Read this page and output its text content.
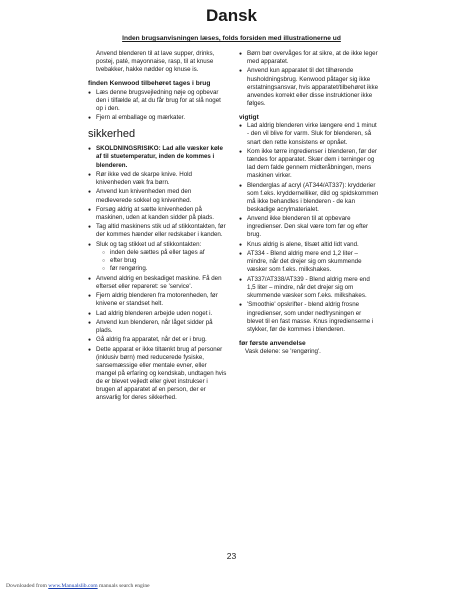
Dansk
Inden brugsanvisningen læses, folds forsiden med illustrationerne ud

Anvend blenderen til at lave supper, drinks, postej, paté, mayonnaise, rasp, til at knuse tvebakker, hakke nødder og knuse is.

finden Kenwood tilbehøret tages i brug

● Læs denne brugsvejledning nøje og opbevar den i tilfælde af, at du får brug for at slå noget op i den.
● Fjern al emballage og mærkater.

sikkerhed

● SKOLDNINGSRISIKO: Lad alle væsker køle af til stuetemperatur, inden de kommes i blenderen.
● Rør ikke ved de skarpe knive. Hold knivenheden væk fra børn.
● Anvend kun knivenheden med den medleverede sokkel og knivenhed.
● Forsøg aldrig at sætte knivenheden på maskinen, uden at kanden sidder på plads.
● Tag altid maskinens stik ud af stikkontakten, før der kommes hænder eller redskaber i kanden.
● Sluk og tag stikket ud af stikkontakten:
○ inden dele sættes på eller tages af
○ efter brug
○ før rengøring.
● Anvend aldrig en beskadiget maskine. Få den efterset eller repareret: se 'service'.
● Fjern aldrig blenderen fra motorenheden, før knivene er standset helt.
● Lad aldrig blenderen arbejde uden noget i.
● Anvend kun blenderen, når låget sidder på plads.
● Gå aldrig fra apparatet, når det er i brug.
● Dette apparat er ikke tiltænkt brug af personer (inklusiv børn) med reducerede fysiske, sansemæssige eller mentale evner, eller mangel på erfaring og kendskab, undtagen hvis de er blevet vejledt eller givet instrukser i brugen af apparatet af en person, der er ansvarlig for deres sikkerhed.
● Børn bør overvåges for at sikre, at de ikke leger med apparatet.
● Anvend kun apparatet til det tilhørende husholdningsbrug. Kenwood påtager sig ikke erstatningsansvar, hvis apparatet/tilbehøret ikke anvendes korrekt eller disse instruktioner ikke følges.

vigtigt

● Lad aldrig blenderen virke længere end 1 minut - den vil blive for varm. Sluk for blenderen, så snart den rette konsistens er opnået.
● Kom ikke tørre ingredienser i blenderen, før der tændes for apparatet. Skær dem i terninger og lad dem falde gennem midteråbningen, mens maskinen virker.
● Blenderglas af acryl (AT344/AT337): krydderier som f.eks. kryddernelliker, dild og spidskommen må ikke behandles i blenderen - de kan beskadige acrylmaterialet.
● Anvend ikke blenderen til at opbevare ingredienser. Den skal være tom før og efter brug.
● Knus aldrig is alene, tilsæt altid lidt vand.
● AT334 - Blend aldrig mere end 1,2 liter – mindre, når det drejer sig om skummende væsker som f.eks. milkshakes.
● AT337/AT338/AT339 - Blend aldrig mere end 1,5 liter – mindre, når det drejer sig om skummende væsker som f.eks. milkshakes.
● 'Smoothie' opskrifter - blend aldrig frosne ingredienser, som under nedfrysningen er blevet til en fast masse. Knus ingredienserne i stykker, før de kommes i blenderen.

før første anvendelse

Vask delene: se 'rengøring'.

23
Downloaded from www.Manualslib.com manuals search engine
